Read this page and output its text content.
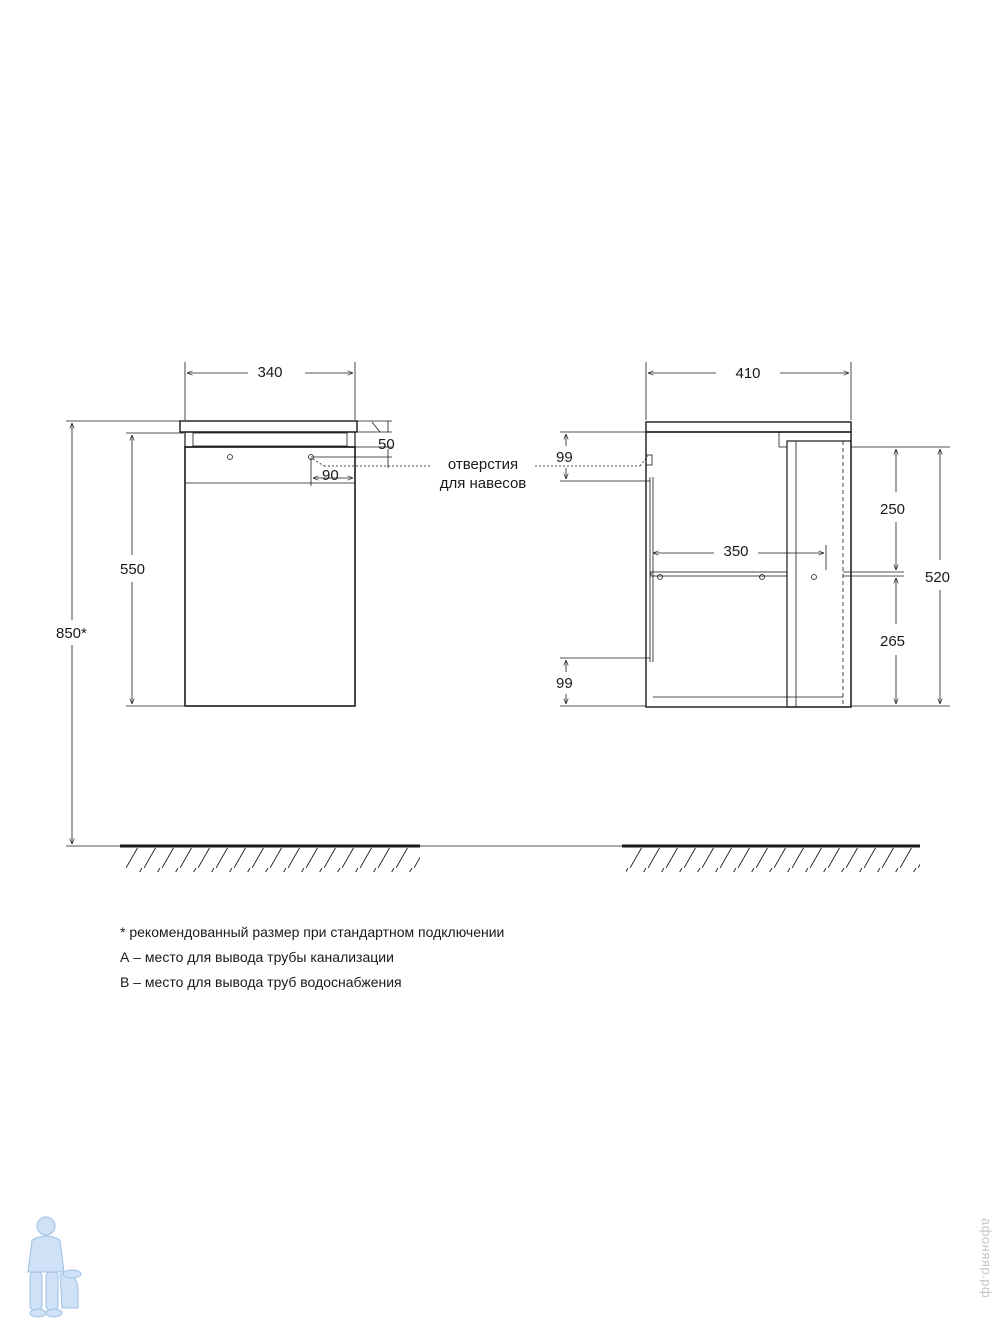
340
50
90
550
850*
отверстия
для навесов
410
99
99
350
250
265
520
* рекомендованный размер при стандартном подключении
А – место для вывода трубы канализации
В – место для вывода труб водоснабжения
афоняяр.рф
